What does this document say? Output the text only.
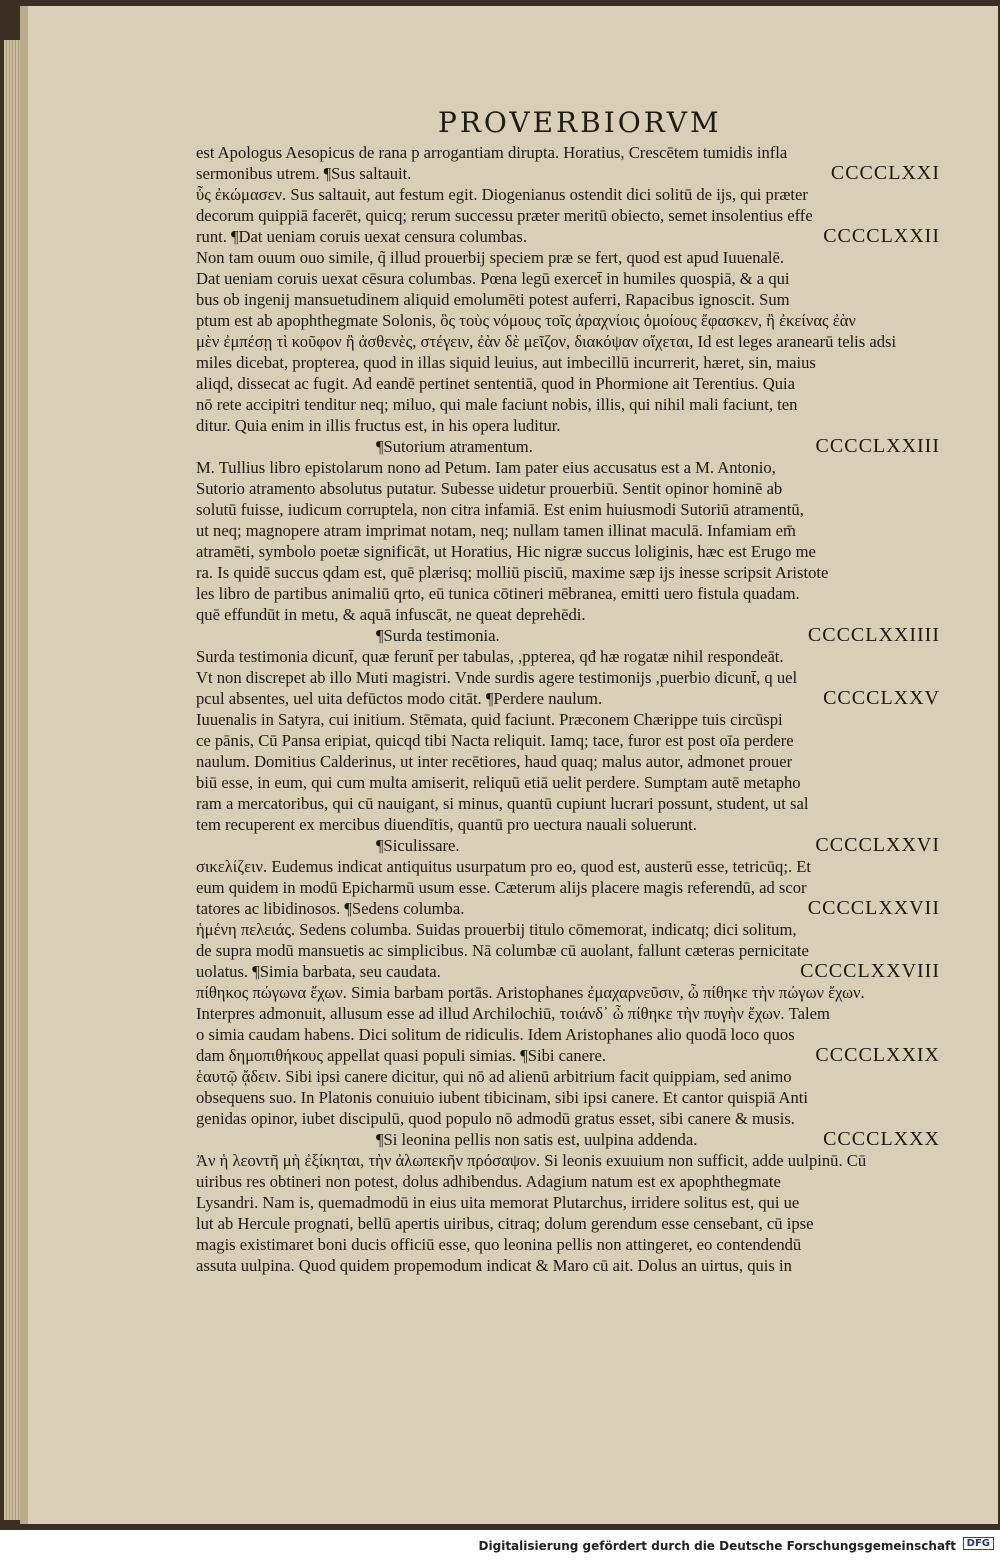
PROVERBIORVM
est Apologus Aesopicus de rana p arrogantiam dirupta. Horatius, Crescētem tumidis infla
sermonibus utrem. ¶Sus saltauit.	CCCCLXXI
ὗς ἐκώμασεν. Sus saltauit, aut festum egit. Diogenianus ostendit dici solitū de ijs, qui præter
decorum quippiā facerēt, quicq; rerum successu præter meritū obiecto, semet insolentius effe
runt. ¶Dat ueniam coruis uexat censura columbas.	CCCCLXXII
Non tam ouum ouo simile, q̃ illud prouerbij speciem præ se fert, quod est apud Iuuenalē.
Dat ueniam coruis uexat cēsura columbas. Pœna legū exercet̄ in humiles quospiā, & a qui
bus ob ingenij mansuetudinem aliquid emolumēti potest auferri, Rapacibus ignoscit. Sum
ptum est ab apophthegmate Solonis, ὃς τοὺς νόμους τοῖς ἀραχνίοις ὁμοίους ἔφασκεν, ἢ ἐκείνας ἐὰν
μὲν ἐμπέσῃ τὶ κοῦφον ἢ ἀσθενὲς, στέγειν, ἐὰν δὲ μεῖζον, διακόψαν οἴχεται, Id est leges aranearū telis adsi
miles dicebat, propterea, quod in illas siquid leuius, aut imbecillū incurrerit, hæret, sin, maius
aliqd, dissecat ac fugit. Ad eandē pertinet sententiā, quod in Phormione ait Terentius. Quia
nō rete accipitri tenditur neq; miluo, qui male faciunt nobis, illis, qui nihil mali faciunt, ten
ditur. Quia enim in illis fructus est, in his opera luditur.
¶Sutorium atramentum.	CCCCLXXIII
M. Tullius libro epistolarum nono ad Petum. Iam pater eius accusatus est a M. Antonio,
Sutorio atramento absolutus putatur. Subesse uidetur prouerbiū. Sentit opinor hominē ab
solutū fuisse, iudicum corruptela, non citra infamiā. Est enim huiusmodi Sutoriū atramentū,
ut neq; magnopere atram imprimat notam, neq; nullam tamen illinat maculā. Infamiam em̄
atramēti, symbolo poetæ significāt, ut Horatius, Hic nigræ succus loliginis, hæc est Erugo me
ra. Is quidē succus qdam est, quē plærisq; molliū pisciū, maxime sæp ijs inesse scripsit Aristote
les libro de partibus animaliū qrto, eū tunica cōtineri mēbranea, emitti uero fistula quadam.
quē effundūt in metu, & aquā infuscāt, ne queat deprehēdi.
¶Surda testimonia.	CCCCLXXIIII
Surda testimonia dicunt̄, quæ ferunt̄ per tabulas, ,ppterea, qđ hæ rogatæ nihil respondeāt.
Vt non discrepet ab illo Muti magistri. Vnde surdis agere testimonijs ,puerbio dicunt̄, q uel
pcul absentes, uel uita defūctos modo citāt. ¶Perdere naulum.	CCCCLXXV
Iuuenalis in Satyra, cui initium. Stēmata, quid faciunt. Præconem Chærippe tuis circūspi
ce pānis, Cū Pansa eripiat, quicqd tibi Nacta reliquit. Iamq; tace, furor est post oīa perdere
naulum. Domitius Calderinus, ut inter recētiores, haud quaq; malus autor, admonet prouer
biū esse, in eum, qui cum multa amiserit, reliquū etiā uelit perdere. Sumptam autē metapho
ram a mercatoribus, qui cū nauigant, si minus, quantū cupiunt lucrari possunt, student, ut sal
tem recuperent ex mercibus diuendītis, quantū pro uectura nauali soluerunt.
¶Siculissare.	CCCCLXXVI
σικελίζειν. Eudemus indicat antiquitus usurpatum pro eo, quod est, austerū esse, tetricūq;. Et
eum quidem in modū Epicharmū usum esse. Cæterum alijs placere magis referendū, ad scor
tatores ac libidinosos. ¶Sedens columba.	CCCCLXXVII
ἡμένη πελειάς. Sedens columba. Suidas prouerbij titulo cōmemorat, indicatq; dici solitum,
de supra modū mansuetis ac simplicibus. Nā columbæ cū auolant, fallunt cæteras pernicitate
uolatus. ¶Simia barbata, seu caudata.	CCCCLXXVIII
πίθηκος πώγωνα ἔχων. Simia barbam portās. Aristophanes ἐμαχαρνεῦσιν, ὦ πίθηκε τὴν πώγων ἔχων.
Interpres admonuit, allusum esse ad illud Archilochiū, τοιάνδ᾽ ὦ πίθηκε τὴν πυγὴν ἔχων. Talem
o simia caudam habens. Dici solitum de ridiculis. Idem Aristophanes alio quodā loco quos
dam δημοπιθήκους appellat quasi populi simias. ¶Sibi canere.	CCCCLXXIX
ἑαυτῷ ᾄδειν. Sibi ipsi canere dicitur, qui nō ad alienū arbitrium facit quippiam, sed animo
obsequens suo. In Platonis conuiuio iubent tibicinam, sibi ipsi canere. Et cantor quispiā Anti
genidas opinor, iubet discipulū, quod populo nō admodū gratus esset, sibi canere & musis.
¶Si leonina pellis non satis est, uulpina addenda.	CCCCLXXX
Ἀν ἡ λεοντῆ μὴ ἐξίκηται, τὴν ἀλωπεκῆν πρόσαψον. Si leonis exuuium non sufficit, adde uulpinū. Cū
uiribus res obtineri non potest, dolus adhibendus. Adagium natum est ex apophthegmate
Lysandri. Nam is, quemadmodū in eius uita memorat Plutarchus, irridere solitus est, qui ue
lut ab Hercule prognati, bellū apertis uiribus, citraq; dolum gerendum esse censebant, cū ipse
magis existimaret boni ducis officiū esse, quo leonina pellis non attingeret, eo contendendū
assuta uulpina. Quod quidem propemodum indicat & Maro cū ait. Dolus an uirtus, quis in
Digitalisierung gefördert durch die Deutsche Forschungsgemeinschaft	DFG
